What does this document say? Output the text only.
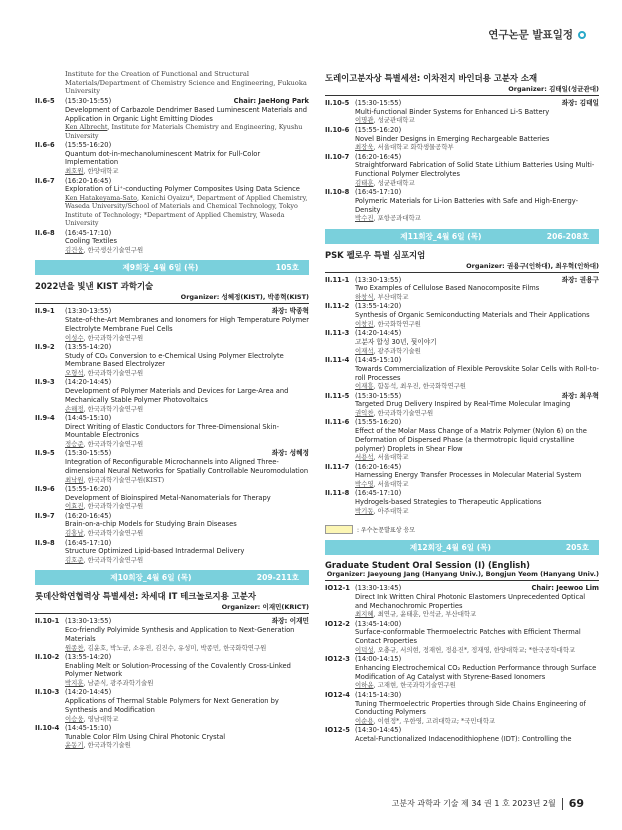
연구논문 발표일정
Institute for the Creation of Functional and Structural Materials/Department of Chemistry Science and Engineering, Fukuoka University
II.6-5	(15:30-15:55)	Chair: JaeHong Park
Development of Carbazole Dendrimer Based Luminescent Materials and Application in Organic Light Emitting Diodes
Ken Albrecht, Institute for Materials Chemistry and Engineering, Kyushu University
II.6-6	(15:55-16:20)
Quantum dot-in-mechanoluminescent Matrix for Full-Color Implementation
최호원, 한양대학교
II.6-7	(16:20-16:45)
Exploration of Li⁺-conducting Polymer Composites Using Data Science
Ken Hatakeyama-Sato, Kenichi Oyaizu*, Department of Applied Chemistry, Waseda University/School of Materials and Chemical Technology, Tokyo Institute of Technology; *Department of Applied Chemistry, Waseda University
II.6-8	(16:45-17:10)
Cooling Textiles
김건웅, 한국생산기술연구원
제9회장_4월 6일 (목)	105호
2022년을 빛낸 KIST 과학기술
Organizer: 성혜정(KIST), 박종혁(KIST)
II.9-1	(13:30-13:55)	좌장: 박종혁
State-of-the-Art Membranes and Ionomers for High Temperature Polymer Electrolyte Membrane Fuel Cells
이성수, 한국과학기술연구원
II.9-2	(13:55-14:20)
Study of CO₂ Conversion to e-Chemical Using Polymer Electrolyte Membrane Based Electrolyzer
오형석, 한국과학기술연구원
II.9-3	(14:20-14:45)
Development of Polymer Materials and Devices for Large-Area and Mechanically Stable Polymer Photovoltaics
손해정, 한국과학기술연구원
II.9-4	(14:45-15:10)
Direct Writing of Elastic Conductors for Three-Dimensional Skin-Mountable Electronics
정승준, 한국과학기술연구원
II.9-5	(15:30-15:55)	좌장: 성혜정
Integration of Reconfigurable Microchannels into Aligned Three-dimensional Neural Networks for Spatially Controllable Neuromodulation
최낙원, 한국과학기술연구원(KIST)
II.9-6	(15:55-16:20)
Development of Bioinspired Metal-Nanomaterials for Therapy
이효진, 한국과학기술연구원
II.9-7	(16:20-16:45)
Brain-on-a-chip Models for Studying Brain Diseases
김홍남, 한국과학기술연구원
II.9-8	(16:45-17:10)
Structure Optimized Lipid-based Intradermal Delivery
김호준, 한국과학기술연구원
제10회장_4월 6일 (목)	209-211호
롯데산학연협력상 특별세션: 차세대 IT 테크놀로지용 고분자
Organizer: 이재민(KRICT)
II.10-1 (13:30-13:55)	좌장: 이재민
Eco-friendly Polyimide Synthesis and Application to Next-Generation Materials
원종찬, 김윤호, 박노균, 소유진, 김진수, 유성미, 박종민, 한국화학연구원
II.10-2 (13:55-14:20)
Enabling Melt or Solution-Processing of the Covalently Cross-Linked Polymer Network
박지훈, 남준식, 광주과학기술원
II.10-3 (14:20-14:45)
Applications of Thermal Stable Polymers for Next Generation by Synthesis and Modification
이승웅, 영남대학교
II.10-4 (14:45-15:10)
Tunable Color Film Using Chiral Photonic Crystal
윤동기, 한국과학기술원
도레이고분자상 특별세션: 이차전지 바인더용 고분자 소재
Organizer: 김태일(성균관대)
II.10-5 (15:30-15:55)	좌장: 김태일
Multi-functional Binder Systems for Enhanced Li-S Battery
이명관, 성균관대학교
II.10-6 (15:55-16:20)
Novel Binder Designs in Emerging Rechargeable Batteries
최장욱, 서울대학교 화학생물공학부
II.10-7 (16:20-16:45)
Straightforward Fabrication of Solid State Lithium Batteries Using Multi-Functional Polymer Electrolytes
김태훈, 성균관대학교
II.10-8 (16:45-17:10)
Polymeric Materials for Li-ion Batteries with Safe and High-Energy-Density
박수진, 포항공과대학교
제11회장_4월 6일 (목)	206-208호
PSK 펠로우 특별 심포지엄
Organizer: 권용구(인하대), 최우혁(인하대)
II.11-1 (13:30-13:55)	좌장: 권용구
Two Examples of Cellulose Based Nanocomposite Films
하창식, 부산대학교
II.11-2 (13:55-14:20)
Synthesis of Organic Semiconducting Materials and Their Applications
이창진, 한국화학연구원
II.11-3 (14:20-14:45)
고분자 합성 30년, 뒷이야기
이재석, 광주과학기술원
II.11-4 (14:45-15:10)
Towards Commercialization of Flexible Perovskite Solar Cells with Roll-to-roll Processes
이재흥, 함동석, 최우진, 한국화학연구원
II.11-5 (15:30-15:55)	좌장: 최우혁
Targeted Drug Delivery Inspired by Real-Time Molecular Imaging
권익찬, 한국과학기술연구원
II.11-6 (15:55-16:20)
Effect of the Molar Mass Change of a Matrix Polymer (Nylon 6) on the Deformation of Dispersed Phase (a thermotropic liquid crystalline polymer) Droplets in Shear Flow
서용석, 서울대학교
II.11-7 (16:20-16:45)
Harnessing Energy Transfer Processes in Molecular Material System
박수영, 서울대학교
II.11-8 (16:45-17:10)
Hydrogels-based Strategies to Therapeutic Applications
박기동, 아주대학교
: 우수논문발표상 응모
제12회장_4월 6일 (목)	205호
Graduate Student Oral Session (I) (English)
Organizer: Jaeyoung Jang (Hanyang Univ.), Bongjun Yeom (Hanyang Univ.)
IO12-1 (13:30-13:45)	Chair: Jeewoo Lim
Direct Ink Written Chiral Photonic Elastomers Unprecedented Optical and Mechanochromic Properties
최지혜, 최연규, 윤태훈, 안석균, 부산대학교
IO12-2 (13:45-14:00)
Surface-conformable Thermoelectric Patches with Efficient Thermal Contact Properties
이덕성, 오충규, 서의현, 정재헌, 정용진*, 정재영, 한양대학교; *한국공학대학교
IO12-3 (14:00-14:15)
Enhancing Electrochemical CO₂ Reduction Performance through Surface Modification of Ag Catalyst with Styrene-Based Ionomers
이하윤, 고재현, 한국과학기술연구원
IO12-4 (14:15-14:30)
Tuning Thermoelectric Properties through Side Chains Engineering of Conducting Polymers
이순용, 이현정*, 우한영, 고려대학교; *국민대학교
IO12-5 (14:30-14:45)
Acetal-Functionalized Indacenodithiophene (IDT): Controlling the
고분자 과학과 기술 제 34 권 1 호 2023년 2월 69
